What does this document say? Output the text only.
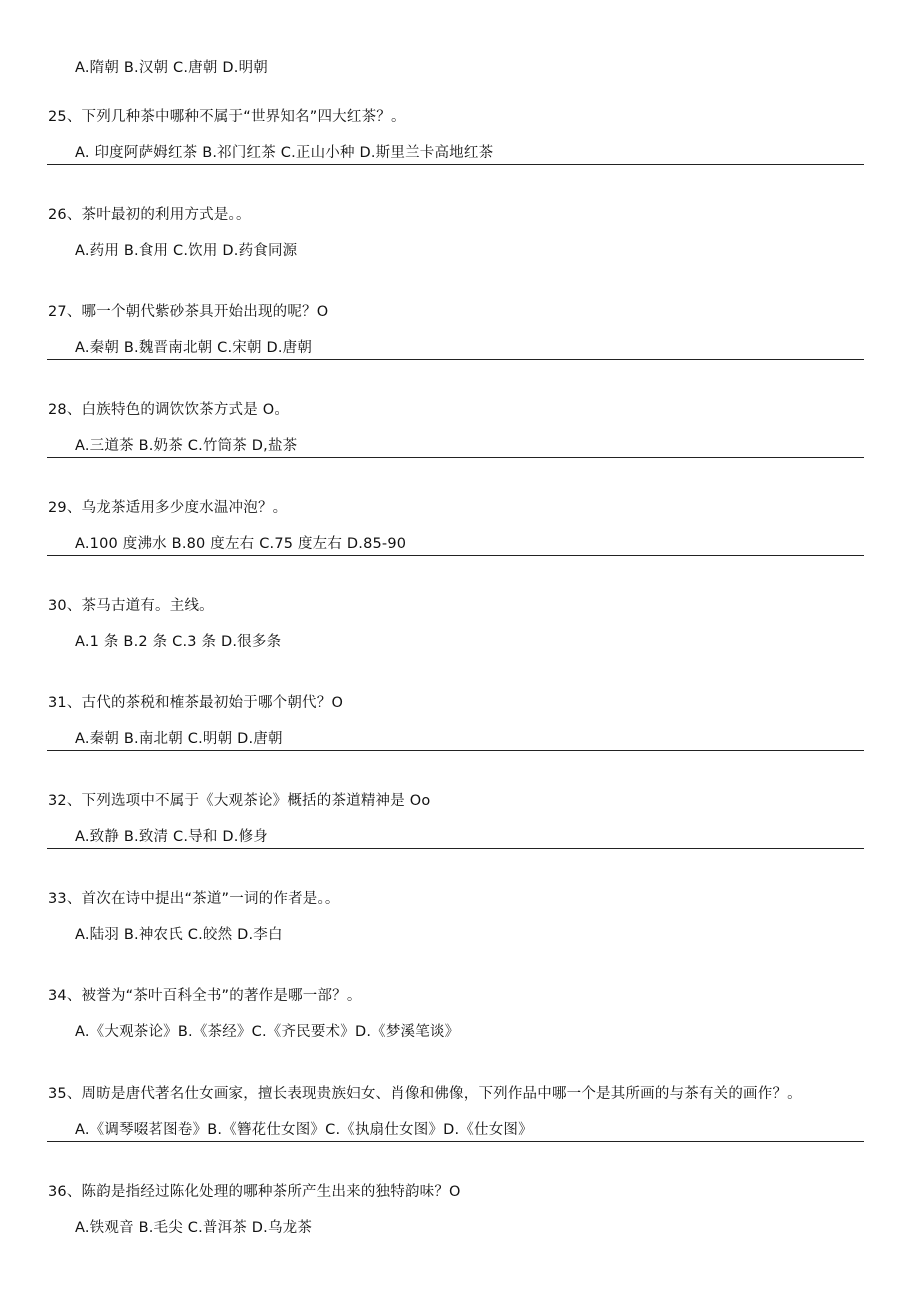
A.隋朝 B.汉朝 C.唐朝 D.明朝
25、下列几种茶中哪种不属于“世界知名”四大红茶？。
A. 印度阿萨姆红茶 B.祁门红茶 C.正山小种 D.斯里兰卡高地红茶
26、茶叶最初的利用方式是。。
A.药用 B.食用 C.饮用 D.药食同源
27、哪一个朝代紫砂茶具开始出现的呢？O
A.秦朝 B.魏晋南北朝 C.宋朝 D.唐朝
28、白族特色的调饮饮茶方式是 O。
A.三道茶 B.奶茶 C.竹筒茶 D,盐茶
29、乌龙茶适用多少度水温冲泡？。
A.100 度沸水 B.80 度左右 C.75 度左右 D.85-90
30、茶马古道有。主线。
A.1 条 B.2 条 C.3 条 D.很多条
31、古代的茶税和榷茶最初始于哪个朝代？O
A.秦朝 B.南北朝 C.明朝 D.唐朝
32、下列选项中不属于《大观茶论》概括的茶道精神是 Oo
A.致静 B.致清 C.导和 D.修身
33、首次在诗中提出“茶道”一词的作者是。。
A.陆羽 B.神农氏 C.皎然 D.李白
34、被誉为“茶叶百科全书”的著作是哪一部？。
A.《大观茶论》B.《茶经》C.《齐民要术》D.《梦溪笔谈》
35、周昉是唐代著名仕女画家，擅长表现贵族妇女、肖像和佛像，下列作品中哪一个是其所画的与茶有关的画作？。
A.《调琴啜茗图卷》B.《簪花仕女图》C.《执扇仕女图》D.《仕女图》
36、陈韵是指经过陈化处理的哪种茶所产生出来的独特韵味？O
A.铁观音 B.毛尖 C.普洱茶 D.乌龙茶
